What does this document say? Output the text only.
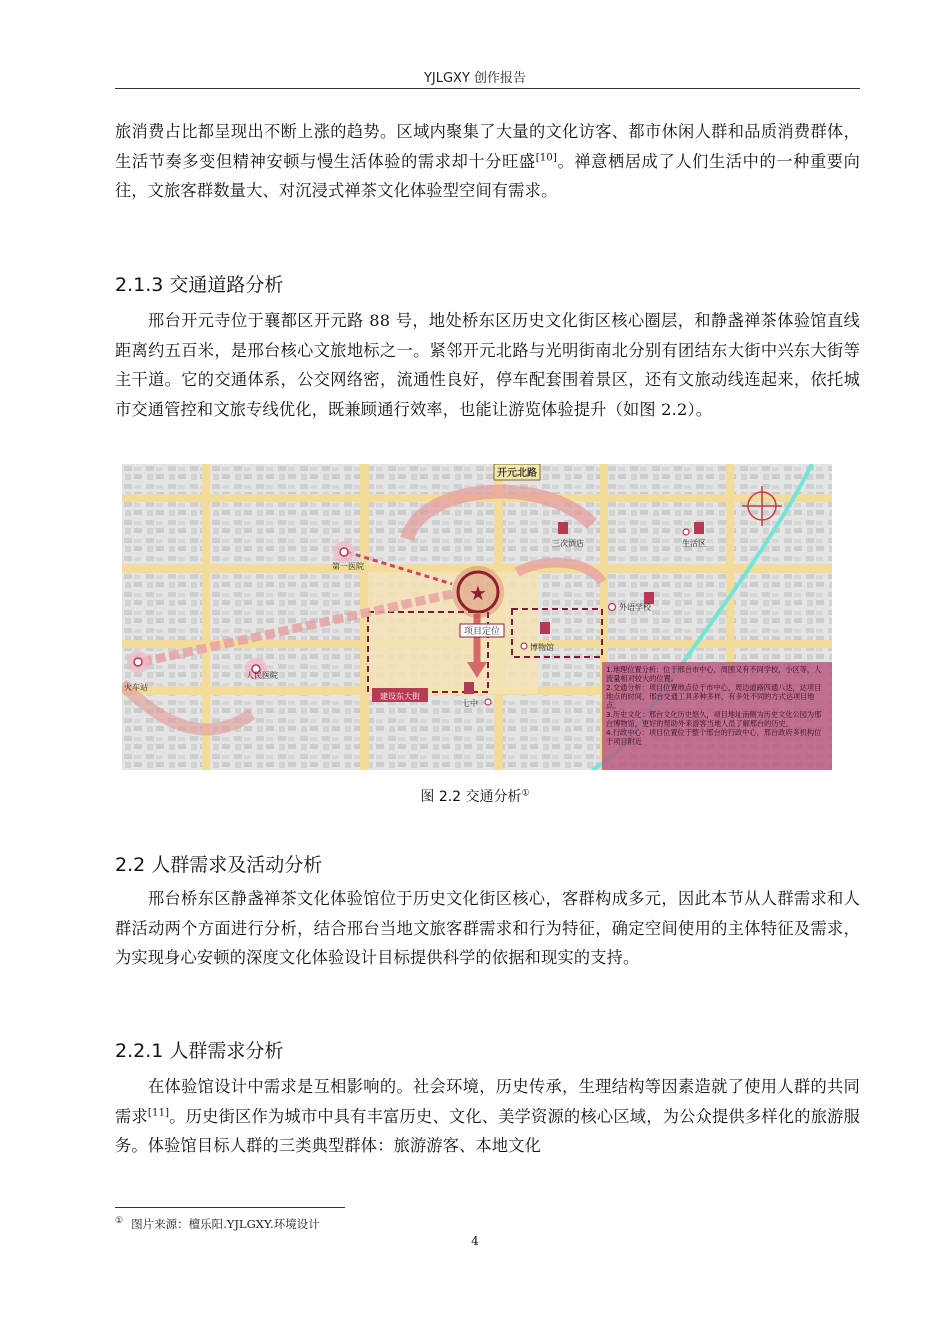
YJLGXY 创作报告

旅消费占比都呈现出不断上涨的趋势。区域内聚集了大量的文化访客、都市休闲人群和品质消费群体，生活节奏多变但精神安顿与慢生活体验的需求却十分旺盛[10]。禅意栖居成了人们生活中的一种重要向往，文旅客群数量大、对沉浸式禅茶文化体验型空间有需求。

2.1.3 交通道路分析

邢台开元寺位于襄都区开元路 88 号，地处桥东区历史文化街区核心圈层，和静盏禅茶体验馆直线距离约五百米，是邢台核心文旅地标之一。紧邻开元北路与光明街南北分别有团结东大街中兴东大街等主干道。它的交通体系，公交网络密，流通性良好，停车配套围着景区，还有文旅动线连起来，依托城市交通管控和文旅专线优化，既兼顾通行效率，也能让游览体验提升（如图 2.2）。

★
项目定位
开元北路
第一医院
三次酒店	生活区
外语学校
博物馆
火车站
人民医院
建设东大街
七中
1.地理位置分析：位于邢台市中心，周围又有不同学校，小区等，人流量相对较大的位置。
2.交通分析：项目位置地点位于市中心，周边道路四通八达，达项目地点的时间，邢台交通工具多种多样，有多处不同的方式达项目地点。
3.历史文化：邢台文化历史悠久，项目地址南侧为历史文化公园为邢台博物馆，更好的帮助外来游客当地人员了解邢台的历史。
4.行政中心：项目位置位于整个邢台的行政中心，邢台政府多机构位于项目附近
图 2.2 交通分析①
2.2 人群需求及活动分析

邢台桥东区静盏禅茶文化体验馆位于历史文化街区核心，客群构成多元，因此本节从人群需求和人群活动两个方面进行分析，结合邢台当地文旅客群需求和行为特征，确定空间使用的主体特征及需求，为实现身心安顿的深度文化体验设计目标提供科学的依据和现实的支持。

2.2.1 人群需求分析

在体验馆设计中需求是互相影响的。社会环境，历史传承，生理结构等因素造就了使用人群的共同需求[11]。历史街区作为城市中具有丰富历史、文化、美学资源的核心区域，为公众提供多样化的旅游服务。体验馆目标人群的三类典型群体：旅游游客、本地文化

① 图片来源：檀乐阳.YJLGXY.环境设计
4
